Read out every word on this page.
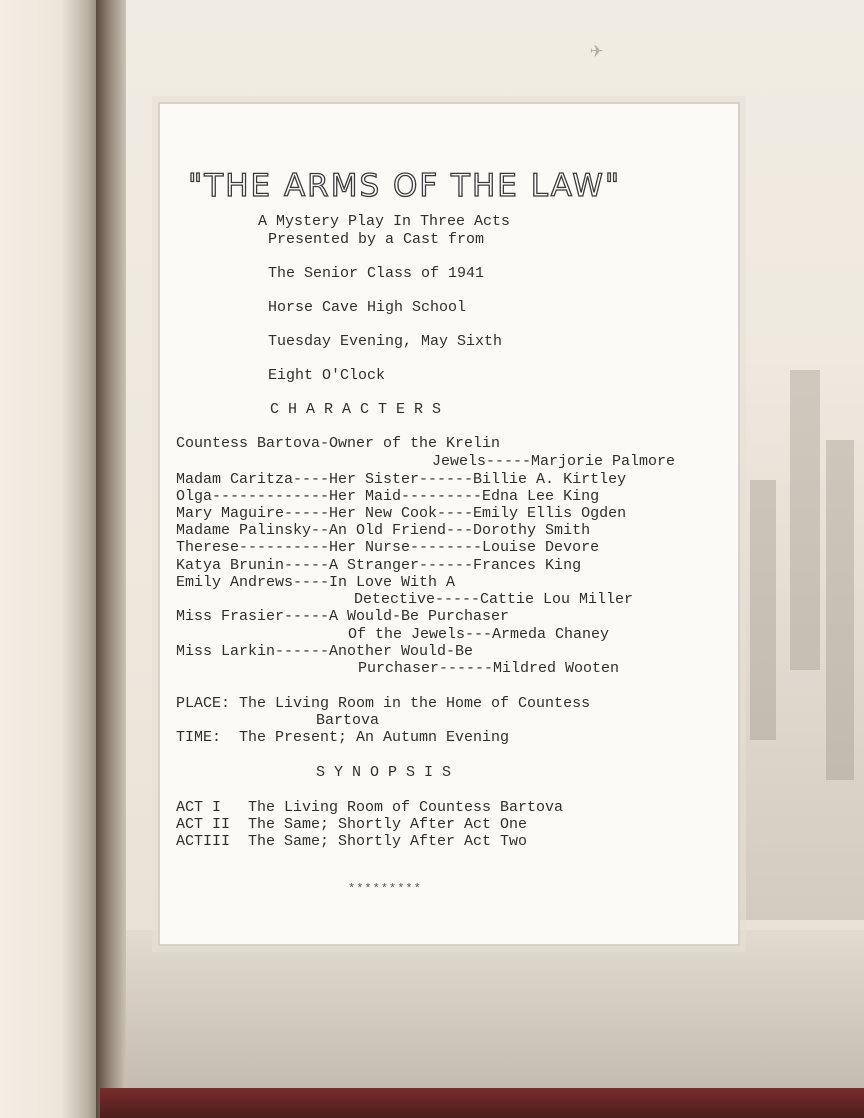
✈
"THE ARMS OF THE LAW"
A Mystery Play In Three Acts
Presented by a Cast from
The Senior Class of 1941
Horse Cave High School
Tuesday Evening, May Sixth
Eight O'Clock
C H A R A C T E R S
Countess Bartova-Owner of the Krelin
Jewels-----Marjorie Palmore
Madam Caritza----Her Sister------Billie A. Kirtley
Olga-------------Her Maid---------Edna Lee King
Mary Maguire-----Her New Cook----Emily Ellis Ogden
Madame Palinsky--An Old Friend---Dorothy Smith
Therese----------Her Nurse--------Louise Devore
Katya Brunin-----A Stranger------Frances King
Emily Andrews----In Love With A
Detective-----Cattie Lou Miller
Miss Frasier-----A Would-Be Purchaser
Of the Jewels---Armeda Chaney
Miss Larkin------Another Would-Be
Purchaser------Mildred Wooten
PLACE: The Living Room in the Home of Countess
Bartova
TIME:  The Present; An Autumn Evening
S Y N O P S I S
ACT I   The Living Room of Countess Bartova
ACT II  The Same; Shortly After Act One
ACTIII  The Same; Shortly After Act Two
*********
